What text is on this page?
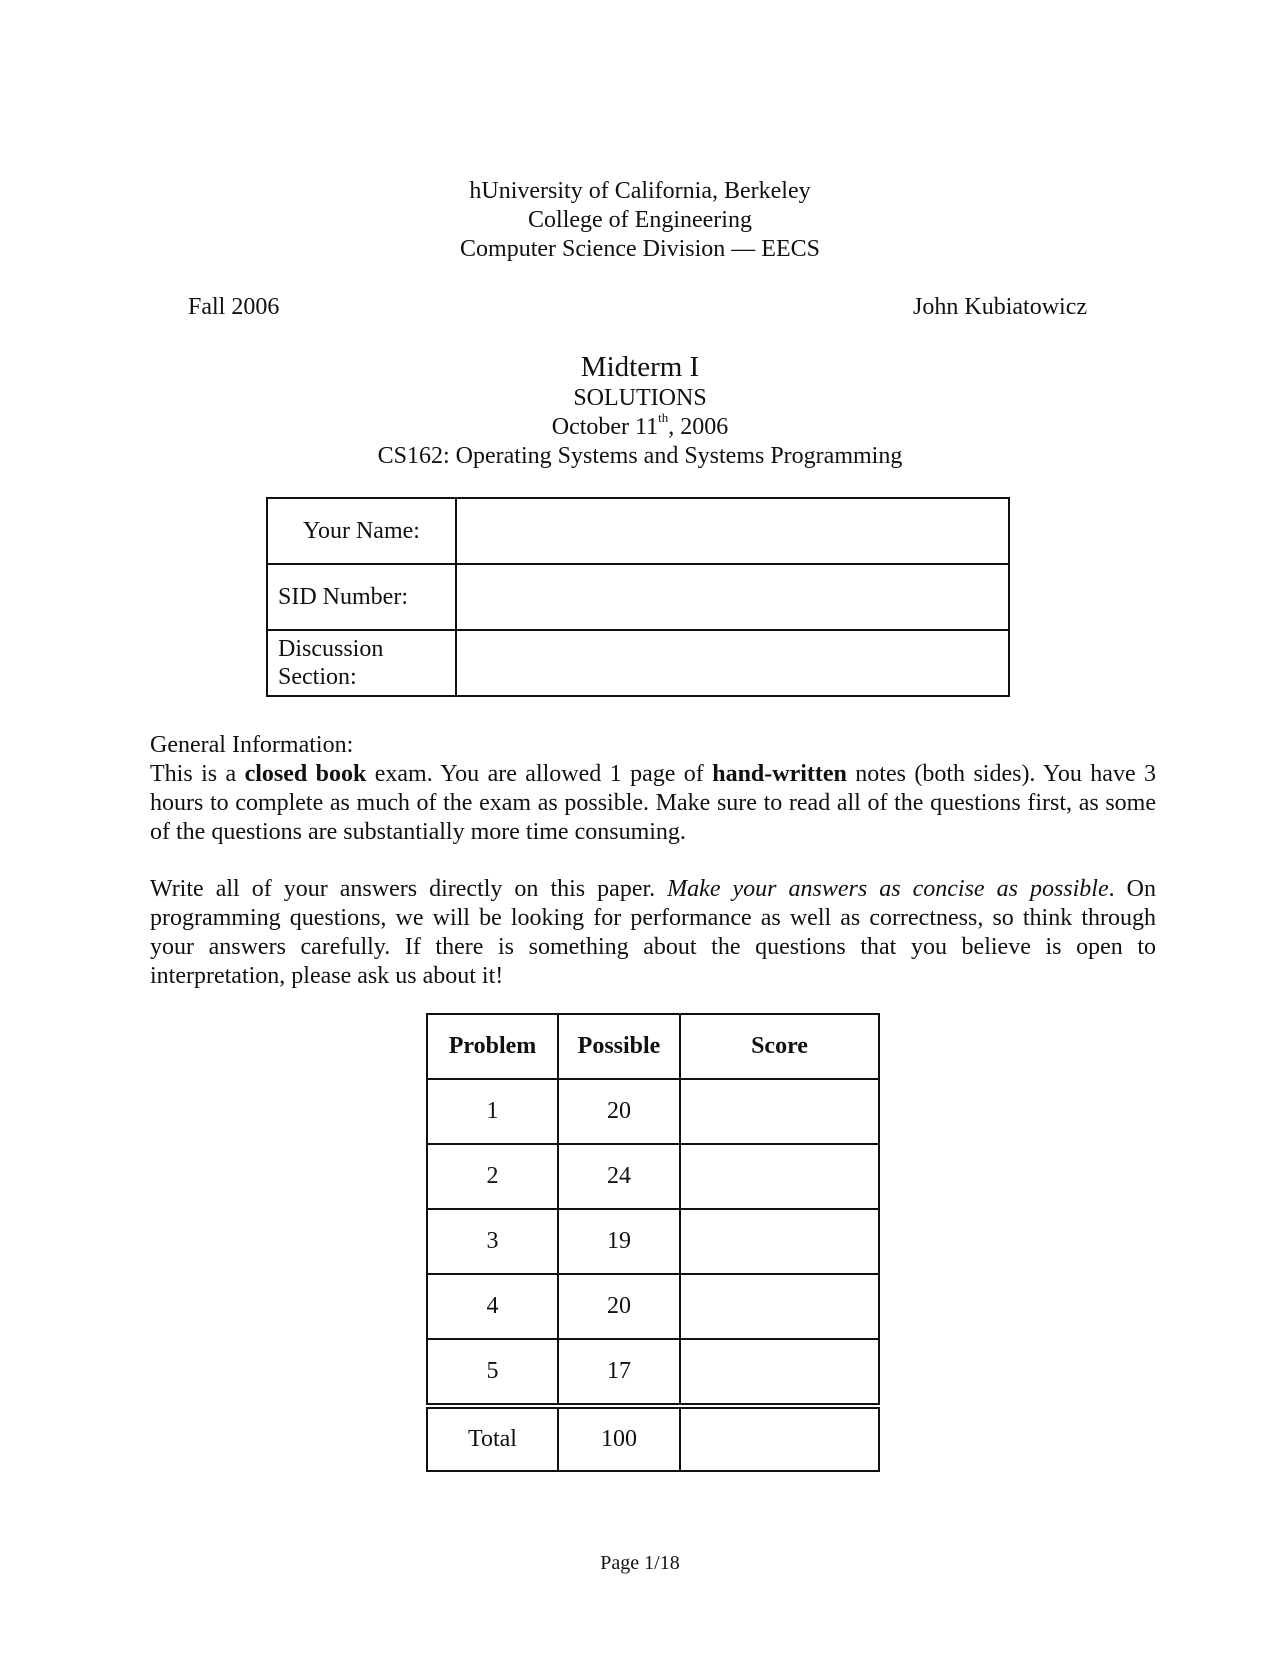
hUniversity of California, Berkeley
College of Engineering
Computer Science Division — EECS
Fall 2006	John Kubiatowicz
Midterm I
SOLUTIONS
October 11th, 2006
CS162: Operating Systems and Systems Programming
Your Name:	
SID Number:	

Discussion
Section:	

General Information:
This is a closed book exam. You are allowed 1 page of hand-written notes (both sides). You have 3 hours to complete as much of the exam as possible. Make sure to read all of the questions first, as some of the questions are substantially more time consuming.
Write all of your answers directly on this paper. Make your answers as concise as possible. On programming questions, we will be looking for performance as well as correctness, so think through your answers carefully. If there is something about the questions that you believe is open to interpretation, please ask us about it!
Problem	Possible	Score
1	20	
2	24	
3	19	
4	20	
5	17	
Total	100	
Page 1/18
